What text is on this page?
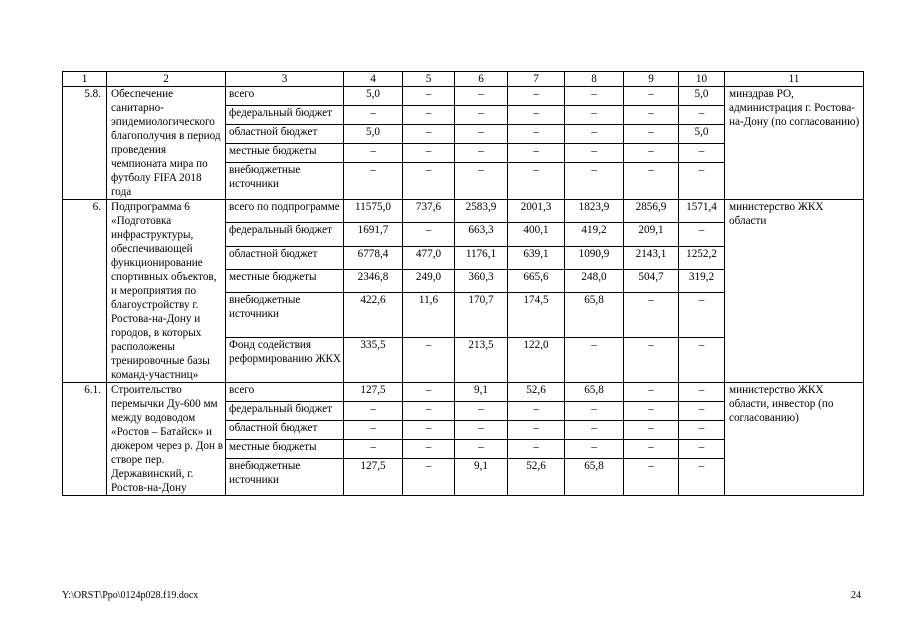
1	2	3	4	5	6	7	8	9	10	11
5.8.	Обеспечение санитарно-эпидемиологического благополучия в период проведения чемпионата мира по футболу FIFA 2018 года	всего	5,0	–	–	–	–	–	5,0	минздрав РО, администрация г. Ростова-на-Дону (по согласованию)
		федеральный бюджет	–	–	–	–	–	–	–	
		областной бюджет	5,0	–	–	–	–	–	5,0	
		местные бюджеты	–	–	–	–	–	–	–	
		внебюджетные источники	–	–	–	–	–	–	–	
6.	Подпрограмма 6 «Подготовка инфраструктуры, обеспечивающей функционирование спортивных объектов, и мероприятия по благоустройству г. Ростова-на-Дону и городов, в которых расположены тренировочные базы команд-участниц»	всего по подпрограмме	11575,0	737,6	2583,9	2001,3	1823,9	2856,9	1571,4	министерство ЖКХ области
		федеральный бюджет	1691,7	–	663,3	400,1	419,2	209,1	–	
		областной бюджет	6778,4	477,0	1176,1	639,1	1090,9	2143,1	1252,2	
		местные бюджеты	2346,8	249,0	360,3	665,6	248,0	504,7	319,2	
		внебюджетные источники	422,6	11,6	170,7	174,5	65,8	–	–	
		Фонд содействия реформированию ЖКХ	335,5	–	213,5	122,0	–	–	–	
6.1.	Строительство перемычки Ду-600 мм между водоводом «Ростов – Батайск» и дюкером через р. Дон в створе пер. Державинский, г. Ростов-на-Дону	всего	127,5	–	9,1	52,6	65,8	–	–	министерство ЖКХ области, инвестор (по согласованию)
		федеральный бюджет	–	–	–	–	–	–	–	
		областной бюджет	–	–	–	–	–	–	–	
		местные бюджеты	–	–	–	–	–	–	–	
		внебюджетные источники	127,5	–	9,1	52,6	65,8	–	–	
Y:\ORST\Ppo\0124p028.f19.docx	24
